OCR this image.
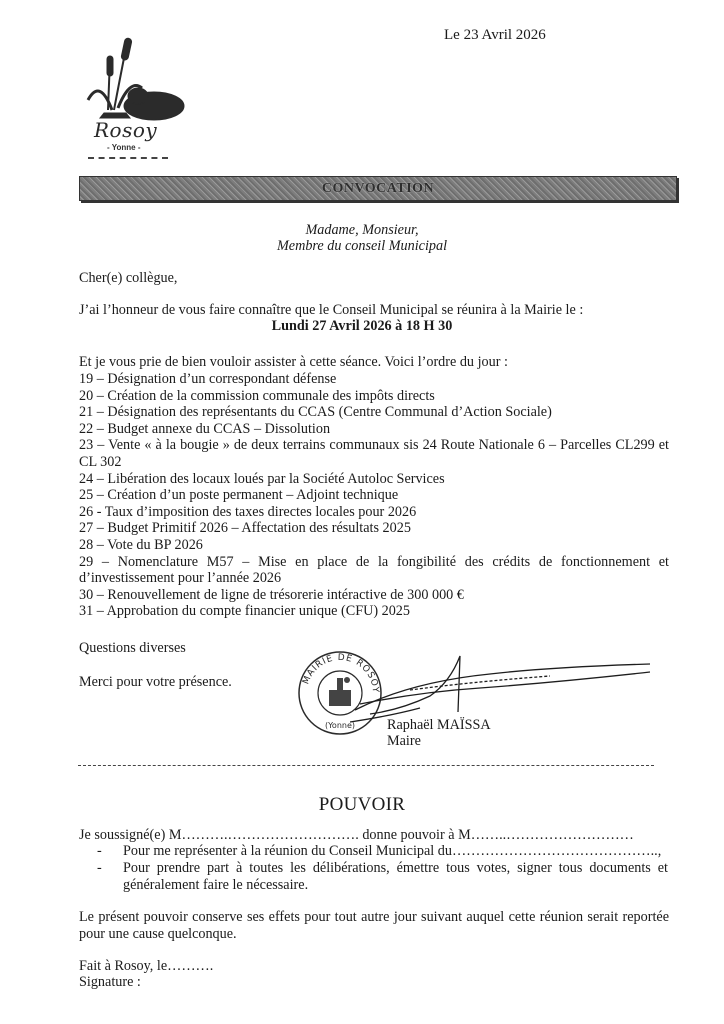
Le 23 Avril 2026
Rosoy
- Yonne -
CONVOCATION
Madame, Monsieur,
Membre du conseil Municipal
Cher(e) collègue,
J’ai l’honneur de vous faire connaître que le Conseil Municipal se réunira à la Mairie le :
Lundi 27 Avril 2026 à 18 H 30
Et je vous prie de bien vouloir assister à cette séance. Voici l’ordre du jour :
19 – Désignation d’un correspondant défense
20 – Création de la commission communale des impôts directs
21 – Désignation des représentants du CCAS (Centre Communal d’Action Sociale)
22 – Budget annexe du CCAS – Dissolution
23 – Vente « à la bougie » de deux terrains communaux sis 24 Route Nationale 6 – Parcelles CL299 et CL 302
24 – Libération des locaux loués par la Société Autoloc Services
25 – Création d’un poste permanent – Adjoint technique
26 - Taux d’imposition des taxes directes locales pour 2026
27 – Budget Primitif 2026 – Affectation des résultats 2025
28 – Vote du BP 2026
29 – Nomenclature M57 – Mise en place de la fongibilité des crédits de fonctionnement et d’investissement pour l’année 2026
30 – Renouvellement de ligne de trésorerie intéractive de 300 000 €
31 – Approbation du compte financier unique (CFU) 2025
Questions diverses
Merci pour votre présence.	MAIRIE DE ROSOY
(Yonne) Raphaël MAÏSSA
Maire
POUVOIR
Je soussigné(e) M……….………………………. donne pouvoir à M……..………………………
- Pour me représenter à la réunion du Conseil Municipal du……………………………………..,
- Pour prendre part à toutes les délibérations, émettre tous votes, signer tous documents et généralement faire le nécessaire.
Le présent pouvoir conserve ses effets pour tout autre jour suivant auquel cette réunion serait reportée pour une cause quelconque.
Fait à Rosoy, le……….
Signature :
